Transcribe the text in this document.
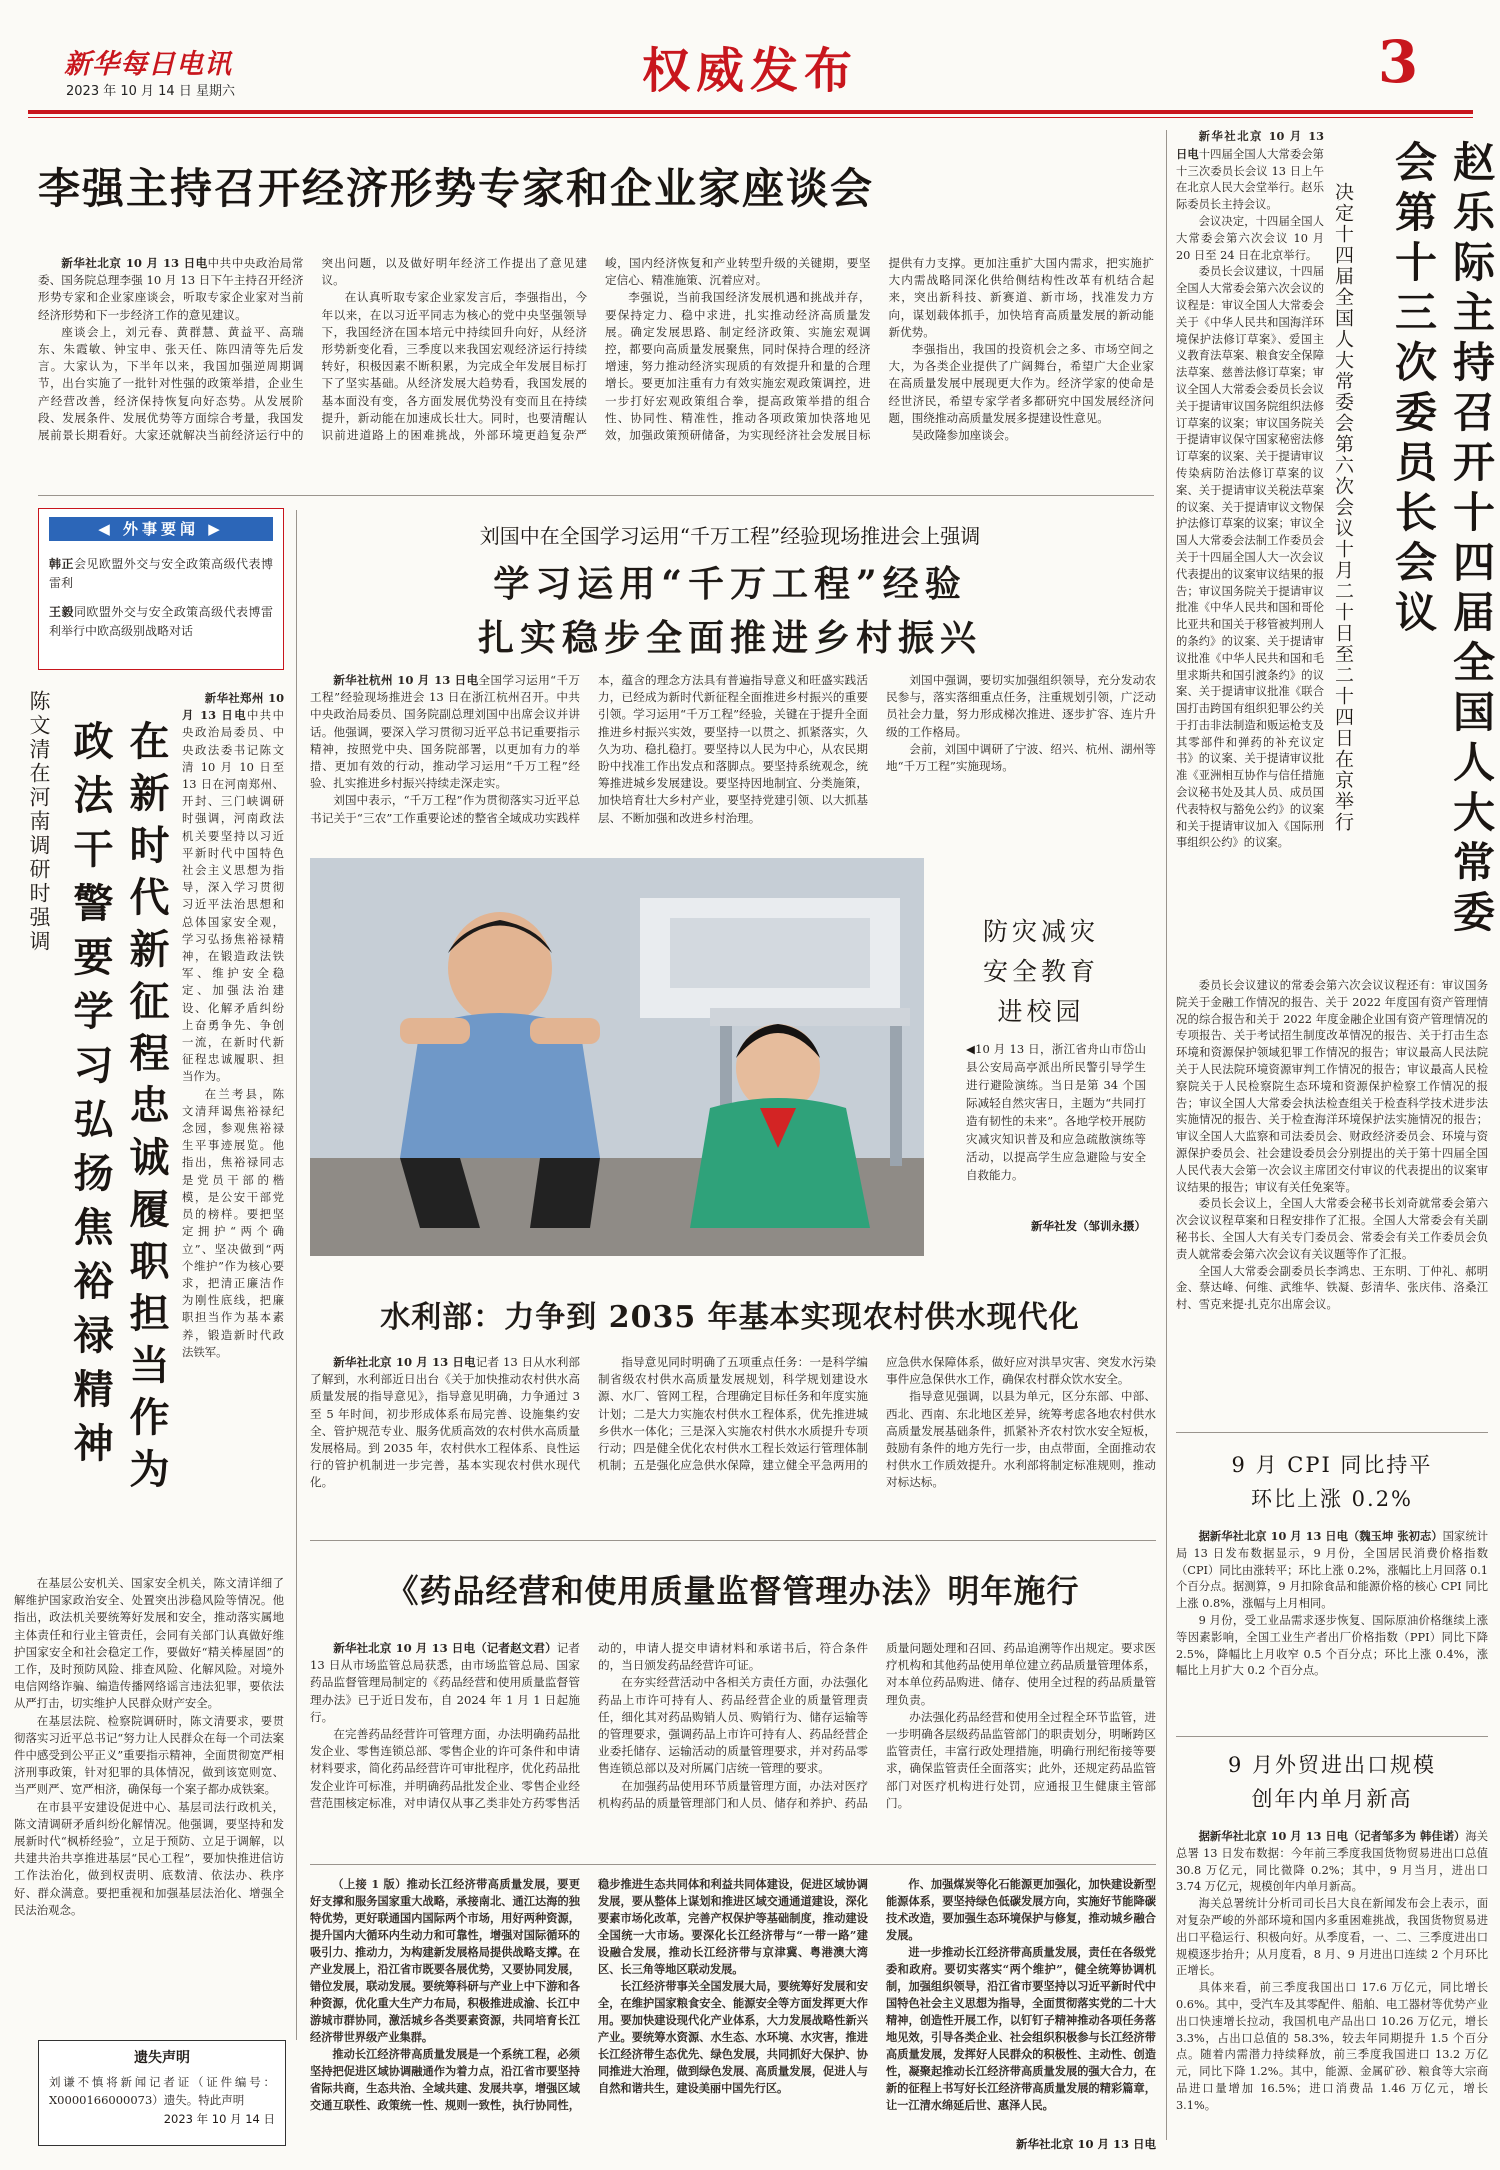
新华每日电讯
2023 年 10 月 14 日 星期六	权威发布	3
李强主持召开经济形势专家和企业家座谈会

新华社北京 10 月 13 日电中共中央政治局常委、国务院总理李强 10 月 13 日下午主持召开经济形势专家和企业家座谈会，听取专家企业家对当前经济形势和下一步经济工作的意见建议。

座谈会上，刘元春、黄群慧、黄益平、高瑞东、朱霞敏、钟宝申、张天任、陈四清等先后发言。大家认为，下半年以来，我国加强逆周期调节，出台实施了一批针对性强的政策举措，企业生产经营改善，经济保持恢复向好态势。从发展阶段、发展条件、发展优势等方面综合考量，我国发展前景长期看好。大家还就解决当前经济运行中的突出问题，以及做好明年经济工作提出了意见建议。

在认真听取专家企业家发言后，李强指出，今年以来，在以习近平同志为核心的党中央坚强领导下，我国经济在国本培元中持续回升向好，从经济形势新变化看，三季度以来我国宏观经济运行持续转好，积极因素不断积累，为完成全年发展目标打下了坚实基础。从经济发展大趋势看，我国发展的基本面没有变，各方面发展优势没有变而且在持续提升，新动能在加速成长壮大。同时，也要清醒认识前进道路上的困难挑战，外部环境更趋复杂严峻，国内经济恢复和产业转型升级的关键期，要坚定信心、精准施策、沉着应对。

李强说，当前我国经济发展机遇和挑战并存，要保持定力、稳中求进，扎实推动经济高质量发展。确定发展思路、制定经济政策、实施宏观调控，都要向高质量发展聚焦，同时保持合理的经济增速，努力推动经济实现质的有效提升和量的合理增长。要更加注重有力有效实施宏观政策调控，进一步打好宏观政策组合拳，提高政策举措的组合性、协同性、精准性，推动各项政策加快落地见效，加强政策预研储备，为实现经济社会发展目标提供有力支撑。更加注重扩大国内需求，把实施扩大内需战略同深化供给侧结构性改革有机结合起来，突出新科技、新赛道、新市场，找准发力方向，谋划载体抓手，加快培育高质量发展的新动能新优势。

李强指出，我国的投资机会之多、市场空间之大，为各类企业提供了广阔舞台，希望广大企业家在高质量发展中展现更大作为。经济学家的使命是经世济民，希望专家学者多都研究中国发展经济问题，围绕推动高质量发展多提建设性意见。

吴政隆参加座谈会。

◀ 外事要闻 ▶
韩正会见欧盟外交与安全政策高级代表博雷利
王毅同欧盟外交与安全政策高级代表博雷利举行中欧高级别战略对话
陈文清在河南调研时强调 在新时代新征程忠诚履职担当作为
政法干警要学习弘扬焦裕禄精神

新华社郑州 10 月 13 日电中共中央政治局委员、中央政法委书记陈文清 10 月 10 日至 13 日在河南郑州、开封、三门峡调研时强调，河南政法机关要坚持以习近平新时代中国特色社会主义思想为指导，深入学习贯彻习近平法治思想和总体国家安全观，学习弘扬焦裕禄精神，在锻造政法铁军、维护安全稳定、加强法治建设、化解矛盾纠纷上奋勇争先、争创一流，在新时代新征程忠诚履职、担当作为。

在兰考县，陈文清拜谒焦裕禄纪念园，参观焦裕禄生平事迹展览。他指出，焦裕禄同志是党员干部的楷模，是公安干部党员的榜样。要把坚定拥护“两个确立”、坚决做到“两个维护”作为核心要求，把清正廉洁作为刚性底线，把廉职担当作为基本素养，锻造新时代政法铁军。

在基层公安机关、国家安全机关，陈文清详细了解维护国家政治安全、处置突出涉稳风险等情况。他指出，政法机关要统筹好发展和安全，推动落实属地主体责任和行业主管责任，会同有关部门认真做好维护国家安全和社会稳定工作，要做好“精关棒屋固”的工作，及时预防风险、排查风险、化解风险。对境外电信网络诈骗、编造传播网络谣言违法犯罪，要依法从严打击，切实维护人民群众财产安全。

在基层法院、检察院调研时，陈文清要求，要贯彻落实习近平总书记“努力让人民群众在每一个司法案件中感受到公平正义”重要指示精神，全面贯彻宽严相济刑事政策，针对犯罪的具体情况，做到该宽则宽、当严则严、宽严相济，确保每一个案子都办成铁案。

在市县平安建设促进中心、基层司法行政机关，陈文清调研矛盾纠纷化解情况。他强调，要坚持和发展新时代“枫桥经验”，立足于预防、立足于调解，以共建共治共享推进基层“民心工程”，要加快推进信访工作法治化，做到权责明、底数清、依法办、秩序好、群众满意。要把重视和加强基层法治化、增强全民法治观念。

刘国中在全国学习运用“千万工程”经验现场推进会上强调
学习运用“千万工程”经验
扎实稳步全面推进乡村振兴

新华社杭州 10 月 13 日电全国学习运用“千万工程”经验现场推进会 13 日在浙江杭州召开。中共中央政治局委员、国务院副总理刘国中出席会议并讲话。他强调，要深入学习贯彻习近平总书记重要指示精神，按照党中央、国务院部署，以更加有力的举措、更加有效的行动，推动学习运用“千万工程”经验、扎实推进乡村振兴持续走深走实。

刘国中表示，“千万工程”作为贯彻落实习近平总书记关于“三农”工作重要论述的整省全域成功实践样本，蕴含的理念方法具有普遍指导意义和旺盛实践活力，已经成为新时代新征程全面推进乡村振兴的重要引领。学习运用“千万工程”经验，关键在于提升全面推进乡村振兴实效，要坚持一以贯之、抓紧落实，久久为功、稳扎稳打。要坚持以人民为中心，从农民期盼中找准工作出发点和落脚点。要坚持系统观念，统筹推进城乡发展建设。要坚持因地制宜、分类施策，加快培育壮大乡村产业，要坚持党建引领、以大抓基层、不断加强和改进乡村治理。

刘国中强调，要切实加强组织领导，充分发动农民参与，落实落细重点任务，注重规划引领，广泛动员社会力量，努力形成梯次推进、逐步扩容、连片升级的工作格局。

会前，刘国中调研了宁波、绍兴、杭州、湖州等地“千万工程”实施现场。

防灾减灾
安全教育
进校园
◀10 月 13 日，浙江省舟山市岱山县公安局高亭派出所民警引导学生进行避险演练。当日是第 34 个国际减轻自然灾害日，主题为“共同打造有韧性的未来”。各地学校开展防灾减灾知识普及和应急疏散演练等活动，以提高学生应急避险与安全自救能力。
新华社发（邹训永摄）
水利部：力争到 2035 年基本实现农村供水现代化

新华社北京 10 月 13 日电记者 13 日从水利部了解到，水利部近日出台《关于加快推动农村供水高质量发展的指导意见》，指导意见明确，力争通过 3 至 5 年时间，初步形成体系布局完善、设施集约安全、管护规范专业、服务优质高效的农村供水高质量发展格局。到 2035 年，农村供水工程体系、良性运行的管护机制进一步完善，基本实现农村供水现代化。

指导意见同时明确了五项重点任务：一是科学编制省级农村供水高质量发展规划，科学规划建设水源、水厂、管网工程，合理确定目标任务和年度实施计划；二是大力实施农村供水工程体系，优先推进城乡供水一体化；三是深入实施农村供水水质提升专项行动；四是健全优化农村供水工程长效运行管理体制机制；五是强化应急供水保障，建立健全平急两用的应急供水保障体系，做好应对洪旱灾害、突发水污染事件应急保供水工作，确保农村群众饮水安全。

指导意见强调，以县为单元，区分东部、中部、西北、西南、东北地区差异，统筹考虑各地农村供水高质量发展基础条件，抓紧补齐农村饮水安全短板，鼓励有条件的地方先行一步，由点带面，全面推动农村供水工作质效提升。水利部将制定标准规则，推动对标达标。

《药品经营和使用质量监督管理办法》明年施行

新华社北京 10 月 13 日电（记者赵文君）记者 13 日从市场监管总局获悉，由市场监管总局、国家药品监督管理局制定的《药品经营和使用质量监督管理办法》已于近日发布，自 2024 年 1 月 1 日起施行。

在完善药品经营许可管理方面，办法明确药品批发企业、零售连锁总部、零售企业的许可条件和申请材料要求，简化药品经营许可审批程序，优化药品批发企业许可标准，并明确药品批发企业、零售企业经营范围核定标准，对申请仅从事乙类非处方药零售活动的，申请人提交申请材料和承诺书后，符合条件的，当日颁发药品经营许可证。

在夯实经营活动中各相关方责任方面，办法强化药品上市许可持有人、药品经营企业的质量管理责任，细化其对药品购销人员、购销行为、储存运输等的管理要求，强调药品上市许可持有人、药品经营企业委托储存、运输活动的质量管理要求，并对药品零售连锁总部以及对所属门店统一管理的要求。

在加强药品使用环节质量管理方面，办法对医疗机构药品的质量管理部门和人员、储存和养护、药品质量问题处理和召回、药品追溯等作出规定。要求医疗机构和其他药品使用单位建立药品质量管理体系，对本单位药品购进、储存、使用全过程的药品质量管理负责。

办法强化药品经营和使用全过程全环节监管，进一步明确各层级药品监管部门的职责划分，明晰跨区监管责任，丰富行政处理措施，明确行刑纪衔接等要求，确保监管责任全面落实；此外，还规定药品监管部门对医疗机构进行处罚，应通报卫生健康主管部门。

（上接 1 版）推动长江经济带高质量发展，要更好支撑和服务国家重大战略，承接南北、通江达海的独特优势，更好联通国内国际两个市场，用好两种资源，提升国内大循环内生动力和可靠性，增强对国际循环的吸引力、推动力，为构建新发展格局提供战略支撑。在产业发展上，沿江省市既要各展优势，又要协同发展，错位发展，联动发展。要统筹科研与产业上中下游和各种资源，优化重大生产力布局，积极推进成渝、长江中游城市群协同，激活城乡各类要素资源，共同培育长江经济带世界级产业集群。

推动长江经济带高质量发展是一个系统工程，必须坚持把促进区域协调融通作为着力点，沿江省市要坚持省际共商，生态共治、全域共建、发展共享，增强区域交通互联性、政策统一性、规则一致性，执行协同性，稳步推进生态共同体和利益共同体建设，促进区域协调发展，要从整体上谋划和推进区域交通通道建设，深化要素市场化改革，完善产权保护等基础制度，推动建设全国统一大市场。要深化长江经济带与“一带一路”建设融合发展，推动长江经济带与京津冀、粤港澳大湾区、长三角等地区联动发展。

长江经济带事关全国发展大局，要统筹好发展和安全，在维护国家粮食安全、能源安全等方面发挥更大作用。要加快建设现代化产业体系，大力发展战略性新兴产业。要统筹水资源、水生态、水环境、水灾害，推进长江经济带生态优先、绿色发展，共同抓好大保护、协同推进大治理，做到绿色发展、高质量发展，促进人与自然和谐共生，建设美丽中国先行区。

作、加强煤炭等化石能源更加强化，加快建设新型能源体系，要坚持绿色低碳发展方向，实施好节能降碳技术改造，要加强生态环境保护与修复，推动城乡融合发展。

进一步推动长江经济带高质量发展，责任在各级党委和政府。要切实落实“两个维护”，健全统筹协调机制，加强组织领导，沿江省市要坚持以习近平新时代中国特色社会主义思想为指导，全面贯彻落实党的二十大精神，创造性开展工作，以钉钉子精神推动各项任务落地见效，引导各类企业、社会组织积极参与长江经济带高质量发展，发挥好人民群众的积极性、主动性、创造性，凝聚起推动长江经济带高质量发展的强大合力，在新的征程上书写好长江经济带高质量发展的精彩篇章，让一江清水绵延后世、惠泽人民。

新华社北京 10 月 13 日电
遗失声明
刘谦不慎将新闻记者证（证件编号：X0000166000073）遗失。特此声明
2023 年 10 月 14 日
赵乐际主持召开十四届全国人大常委会第十三次委员长会议
决定十四届全国人大常委会第六次会议十月二十日至二十四日在京举行

新华社北京 10 月 13 日电十四届全国人大常委会第十三次委员长会议 13 日上午在北京人民大会堂举行。赵乐际委员长主持会议。

会议决定，十四届全国人大常委会第六次会议 10 月 20 日至 24 日在北京举行。

委员长会议建议，十四届全国人大常委会第六次会议的议程是：审议全国人大常委会关于《中华人民共和国海洋环境保护法修订草案》、爱国主义教育法草案、粮食安全保障法草案、慈善法修订草案；审议全国人大常委会委员长会议关于提请审议国务院组织法修订草案的议案；审议国务院关于提请审议保守国家秘密法修订草案的议案、关于提请审议传染病防治法修订草案的议案、关于提请审议关税法草案的议案、关于提请审议文物保护法修订草案的议案；审议全国人大常委会法制工作委员会关于十四届全国人大一次会议代表提出的议案审议结果的报告；审议国务院关于提请审议批准《中华人民共和国和哥伦比亚共和国关于移管被判刑人的条约》的议案、关于提请审议批准《中华人民共和国和毛里求斯共和国引渡条约》的议案、关于提请审议批准《联合国打击跨国有组织犯罪公约关于打击非法制造和贩运枪支及其零部件和弹药的补充议定书》的议案、关于提请审议批准《亚洲相互协作与信任措施会议秘书处及其人员、成员国代表特权与豁免公约》的议案和关于提请审议加入《国际刑事组织公约》的议案。

委员长会议建议的常委会第六次会议议程还有：审议国务院关于金融工作情况的报告、关于 2022 年度国有资产管理情况的综合报告和关于 2022 年度金融企业国有资产管理情况的专项报告、关于考试招生制度改革情况的报告、关于打击生态环境和资源保护领域犯罪工作情况的报告；审议最高人民法院关于人民法院环境资源审判工作情况的报告；审议最高人民检察院关于人民检察院生态环境和资源保护检察工作情况的报告；审议全国人大常委会执法检查组关于检查科学技术进步法实施情况的报告、关于检查海洋环境保护法实施情况的报告；审议全国人大监察和司法委员会、财政经济委员会、环境与资源保护委员会、社会建设委员会分别提出的关于第十四届全国人民代表大会第一次会议主席团交付审议的代表提出的议案审议结果的报告；审议有关任免案等。

委员长会议上，全国人大常委会秘书长刘奇就常委会第六次会议议程草案和日程安排作了汇报。全国人大常委会有关副秘书长、全国人大有关专门委员会、常委会有关工作委员会负责人就常委会第六次会议有关议题等作了汇报。

全国人大常委会副委员长李鸿忠、王东明、丁仲礼、郝明金、蔡达峰、何维、武维华、铁凝、彭清华、张庆伟、洛桑江村、雪克来提·扎克尔出席会议。

9 月 CPI 同比持平
环比上涨 0.2%

据新华社北京 10 月 13 日电（魏玉坤 张初志）国家统计局 13 日发布数据显示，9 月份，全国居民消费价格指数（CPI）同比由涨转平；环比上涨 0.2%，涨幅比上月回落 0.1 个百分点。据测算，9 月扣除食品和能源价格的核心 CPI 同比上涨 0.8%，涨幅与上月相同。

9 月份，受工业品需求逐步恢复、国际原油价格继续上涨等因素影响，全国工业生产者出厂价格指数（PPI）同比下降 2.5%，降幅比上月收窄 0.5 个百分点；环比上涨 0.4%，涨幅比上月扩大 0.2 个百分点。

9 月外贸进出口规模
创年内单月新高

据新华社北京 10 月 13 日电（记者邹多为 韩佳诺）海关总署 13 日发布数据：今年前三季度我国货物贸易进出口总值 30.8 万亿元，同比微降 0.2%；其中，9 月当月，进出口 3.74 万亿元，规模创年内单月新高。

海关总署统计分析司司长吕大良在新闻发布会上表示，面对复杂严峻的外部环境和国内多重困难挑战，我国货物贸易进出口平稳运行、积极向好。从季度看，一、二、三季度进出口规模逐步抬升；从月度看，8 月、9 月进出口连续 2 个月环比正增长。

具体来看，前三季度我国出口 17.6 万亿元，同比增长 0.6%。其中，受汽车及其零配件、船舶、电工器材等优势产业出口快速增长拉动，我国机电产品出口 10.26 万亿元，增长 3.3%，占出口总值的 58.3%，较去年同期提升 1.5 个百分点。随着内需潜力持续释放，前三季度我国进口 13.2 万亿元，同比下降 1.2%。其中，能源、金属矿砂、粮食等大宗商品进口量增加 16.5%；进口消费品 1.46 万亿元，增长 3.1%。
